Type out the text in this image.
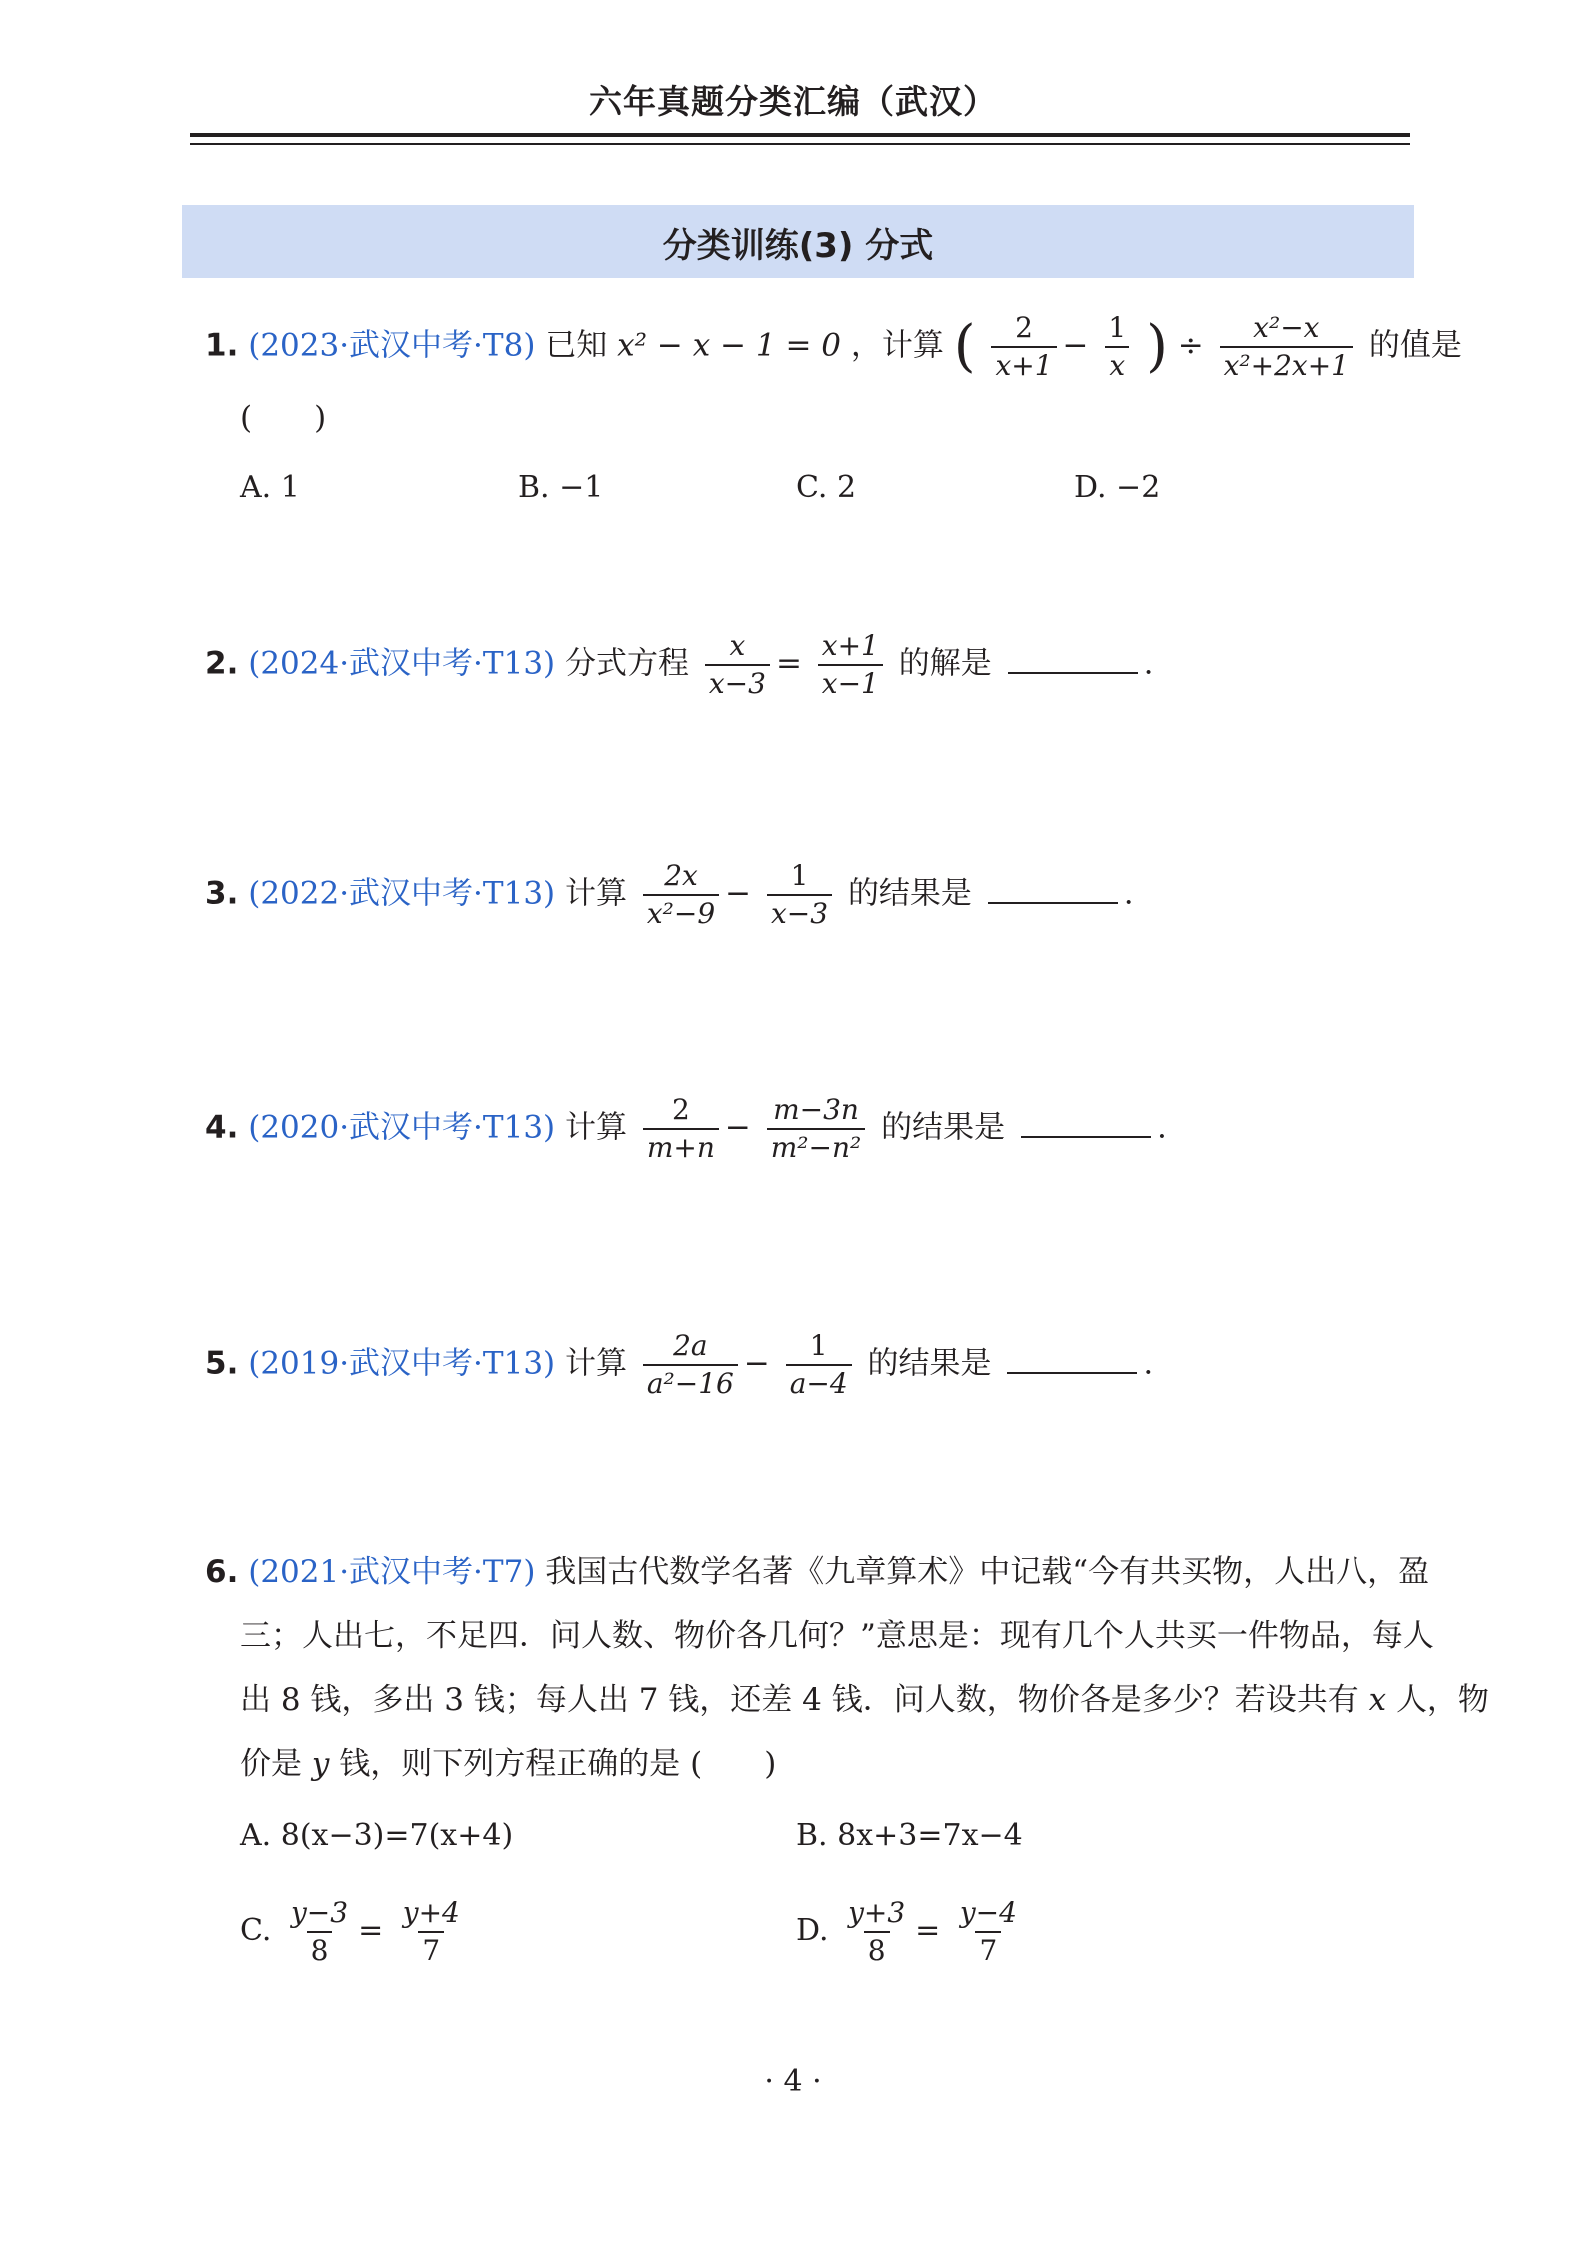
六年真题分类汇编（武汉）
分类训练(3) 分式
1. (2023·武汉中考·T8) 已知 x² − x − 1 = 0 ，计算 ( $\frac{2}{x+1} - \frac{1}{x}$ ) ÷ $\frac{\text{x²−x}}{\text{x²+2x+1}}$ 的值是
(　　)
A. 1	B. −1	C. 2	D. −2
2. (2024·武汉中考·T13) 分式方程 $\frac{x}{x-3} = \frac{x+1}{x-1}$ 的解是	.
3. (2022·武汉中考·T13) 计算 $\frac{2x}{\text{x²−9}} - \frac{1}{x-3}$ 的结果是	.
4. (2020·武汉中考·T13) 计算 $\frac{2}{m+n} - \frac{m-3n}{\text{m²−n²}}$ 的结果是	.
5. (2019·武汉中考·T13) 计算 $\frac{2a}{\text{a²−16}} - \frac{1}{a-4}$ 的结果是	.
6. (2021·武汉中考·T7) 我国古代数学名著《九章算术》中记载“今有共买物，人出八，盈
三；人出七，不足四．问人数、物价各几何？”意思是：现有几个人共买一件物品，每人
出 8 钱，多出 3 钱；每人出 7 钱，还差 4 钱．问人数，物价各是多少？若设共有 x 人，物
价是 y 钱，则下列方程正确的是 (　　)
A. 8(x−3)=7(x+4)	B. 8x+3=7x−4
C. $\frac{y-3}{8} = \frac{y+4}{7}$	D. $\frac{y+3}{8} = \frac{y-4}{7}$
· 4 ·
